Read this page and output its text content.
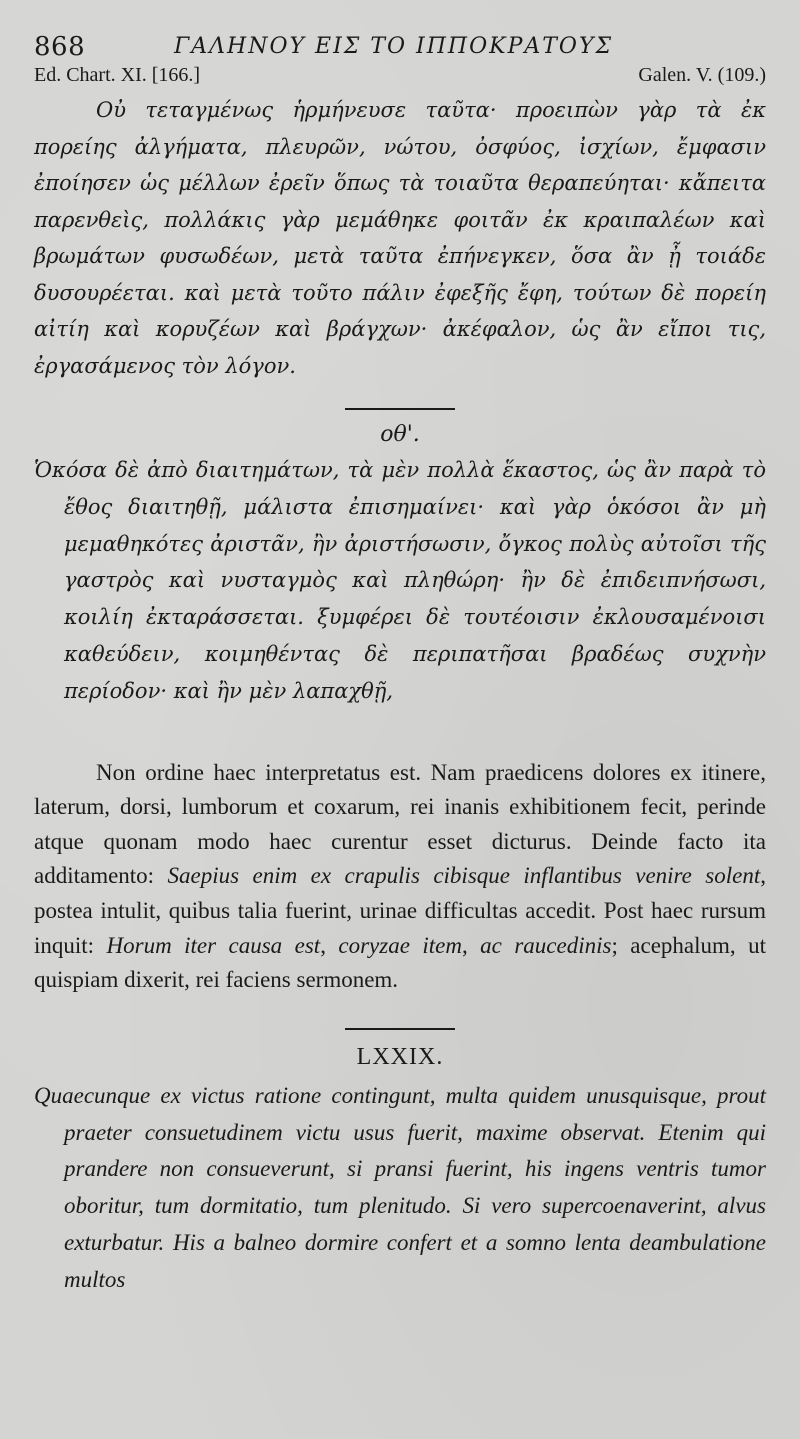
868	ΓΑΛΗΝΟΥ ΕΙΣ ΤΟ ΙΠΠΟΚΡΑΤΟΥΣ
Ed. Chart. XI. [166.]	Galen. V. (109.)

Οὐ τεταγμένως ἡρμήνευσε ταῦτα· προειπὼν γὰρ τὰ ἐκ πορείης ἀλγήματα, πλευρῶν, νώτου, ὀσφύος, ἰσχίων, ἔμφασιν ἐποίησεν ὡς μέλλων ἐρεῖν ὅπως τὰ τοιαῦτα θεραπεύηται· κἄπειτα παρενθεὶς, πολλάκις γὰρ μεμάθηκε φοιτᾶν ἐκ κραιπαλέων καὶ βρωμάτων φυσωδέων, μετὰ ταῦτα ἐπήνεγκεν, ὅσα ἂν ᾖ τοιάδε δυσουρέεται. καὶ μετὰ τοῦτο πάλιν ἐφεξῆς ἔφη, τούτων δὲ πορείη αἰτίη καὶ κορυζέων καὶ βράγχων· ἀκέφαλον, ὡς ἂν εἴποι τις, ἐργασάμενος τὸν λόγον.

οθ'.

Ὁκόσα δὲ ἀπὸ διαιτημάτων, τὰ μὲν πολλὰ ἕκαστος, ὡς ἂν παρὰ τὸ ἔθος διαιτηθῇ, μάλιστα ἐπισημαίνει· καὶ γὰρ ὁκόσοι ἂν μὴ μεμαθηκότες ἀριστᾶν, ἢν ἀριστήσωσιν, ὄγκος πολὺς αὐτοῖσι τῆς γαστρὸς καὶ νυσταγμὸς καὶ πληθώρη· ἢν δὲ ἐπιδειπνήσωσι, κοιλίη ἐκταράσσεται. ξυμφέρει δὲ τουτέοισιν ἐκλουσαμένοισι καθεύδειν, κοιμηθέντας δὲ περιπατῆσαι βραδέως συχνὴν περίοδον· καὶ ἢν μὲν λαπαχθῇ,

Non ordine haec interpretatus est. Nam praedicens dolores ex itinere, laterum, dorsi, lumborum et coxarum, rei inanis exhibitionem fecit, perinde atque quonam modo haec curentur esset dicturus. Deinde facto ita additamento: Saepius enim ex crapulis cibisque inflantibus venire solent, postea intulit, quibus talia fuerint, urinae difficultas accedit. Post haec rursum inquit: Horum iter causa est, coryzae item, ac raucedinis; acephalum, ut quispiam dixerit, rei faciens sermonem.

LXXIX.

Quaecunque ex victus ratione contingunt, multa quidem unusquisque, prout praeter consuetudinem victu usus fuerit, maxime observat. Etenim qui prandere non consueverunt, si pransi fuerint, his ingens ventris tumor oboritur, tum dormitatio, tum plenitudo. Si vero supercoenaverint, alvus exturbatur. His a balneo dormire confert et a somno lenta deambulatione multos
